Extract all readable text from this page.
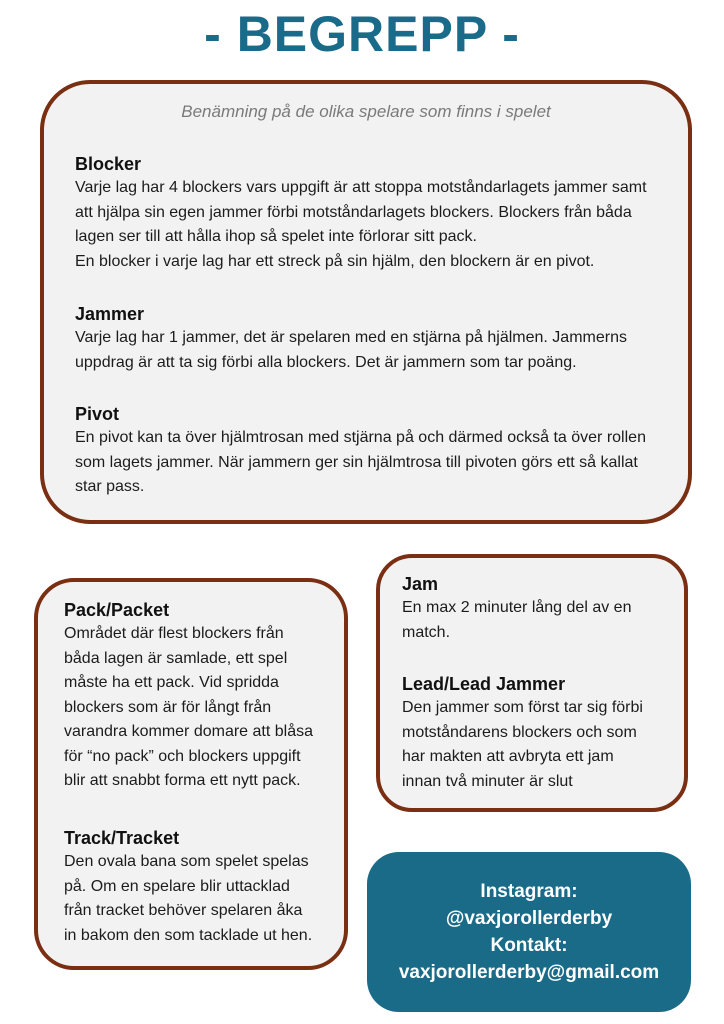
- BEGREPP -
Benämning på de olika spelare som finns i spelet
Blocker

Varje lag har 4 blockers vars uppgift är att stoppa motståndarlagets jammer samt
att hjälpa sin egen jammer förbi motståndarlagets blockers. Blockers från båda
lagen ser till att hålla ihop så spelet inte förlorar sitt pack.
En blocker i varje lag har ett streck på sin hjälm, den blockern är en pivot.

Jammer

Varje lag har 1 jammer, det är spelaren med en stjärna på hjälmen. Jammerns
uppdrag är att ta sig förbi alla blockers. Det är jammern som tar poäng.

Pivot

En pivot kan ta över hjälmtrosan med stjärna på och därmed också ta över rollen
som lagets jammer. När jammern ger sin hjälmtrosa till pivoten görs ett så kallat
star pass.

Pack/Packet

Området där flest blockers från
båda lagen är samlade, ett spel
måste ha ett pack. Vid spridda
blockers som är för långt från
varandra kommer domare att blåsa
för “no pack” och blockers uppgift
blir att snabbt forma ett nytt pack.

Track/Tracket

Den ovala bana som spelet spelas
på. Om en spelare blir uttacklad
från tracket behöver spelaren åka
in bakom den som tacklade ut hen.

Jam

En max 2 minuter lång del av en
match.

Lead/Lead Jammer

Den jammer som först tar sig förbi
motståndarens blockers och som
har makten att avbryta ett jam
innan två minuter är slut

Instagram:
@vaxjorollerderby
Kontakt:
vaxjorollerderby@gmail.com
